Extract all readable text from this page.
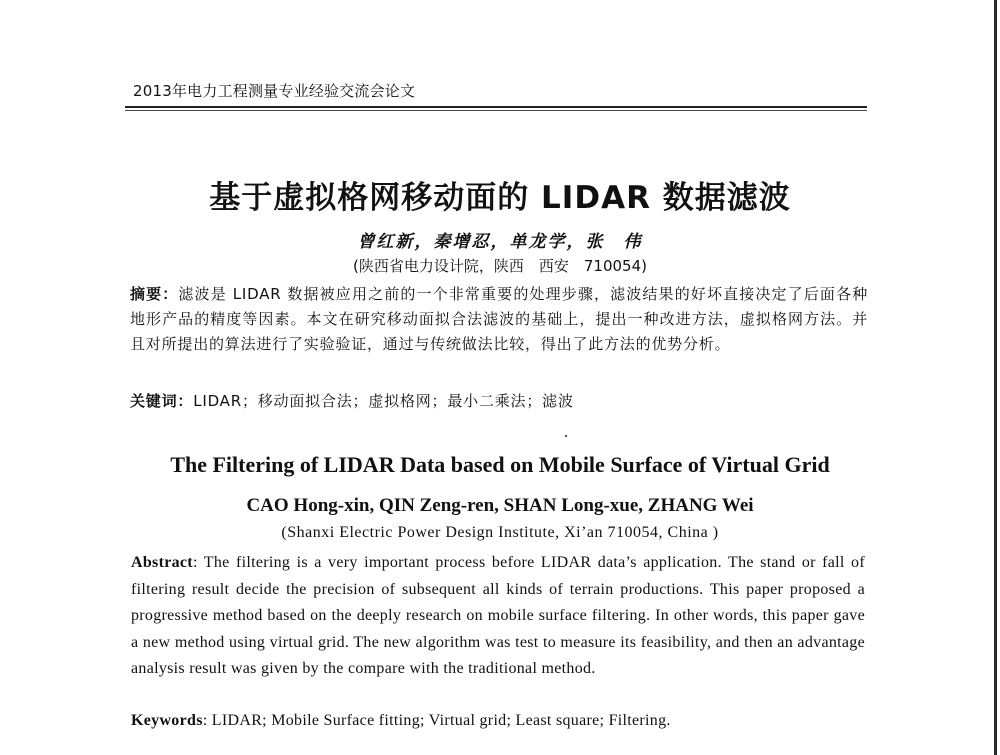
2013年电力工程测量专业经验交流会论文
基于虚拟格网移动面的 LIDAR 数据滤波
曾红新，秦增忍，单龙学，张　伟
(陕西省电力设计院，陕西　西安　710054)
摘要：滤波是 LIDAR 数据被应用之前的一个非常重要的处理步骤，滤波结果的好坏直接决定了后面各种地形产品的精度等因素。本文在研究移动面拟合法滤波的基础上，提出一种改进方法，虚拟格网方法。并且对所提出的算法进行了实验验证，通过与传统做法比较，得出了此方法的优势分析。
关键词：LIDAR；移动面拟合法；虚拟格网；最小二乘法；滤波
The Filtering of LIDAR Data based on Mobile Surface of Virtual Grid
CAO Hong-xin, QIN Zeng-ren, SHAN Long-xue, ZHANG Wei
(Shanxi Electric Power Design Institute, Xi’an 710054, China )
Abstract: The filtering is a very important process before LIDAR data’s application. The stand or fall of filtering result decide the precision of subsequent all kinds of terrain productions. This paper proposed a progressive method based on the deeply research on mobile surface filtering. In other words, this paper gave a new method using virtual grid. The new algorithm was test to measure its feasibility, and then an advantage analysis result was given by the compare with the traditional method.
Keywords: LIDAR; Mobile Surface fitting; Virtual grid; Least square; Filtering.
